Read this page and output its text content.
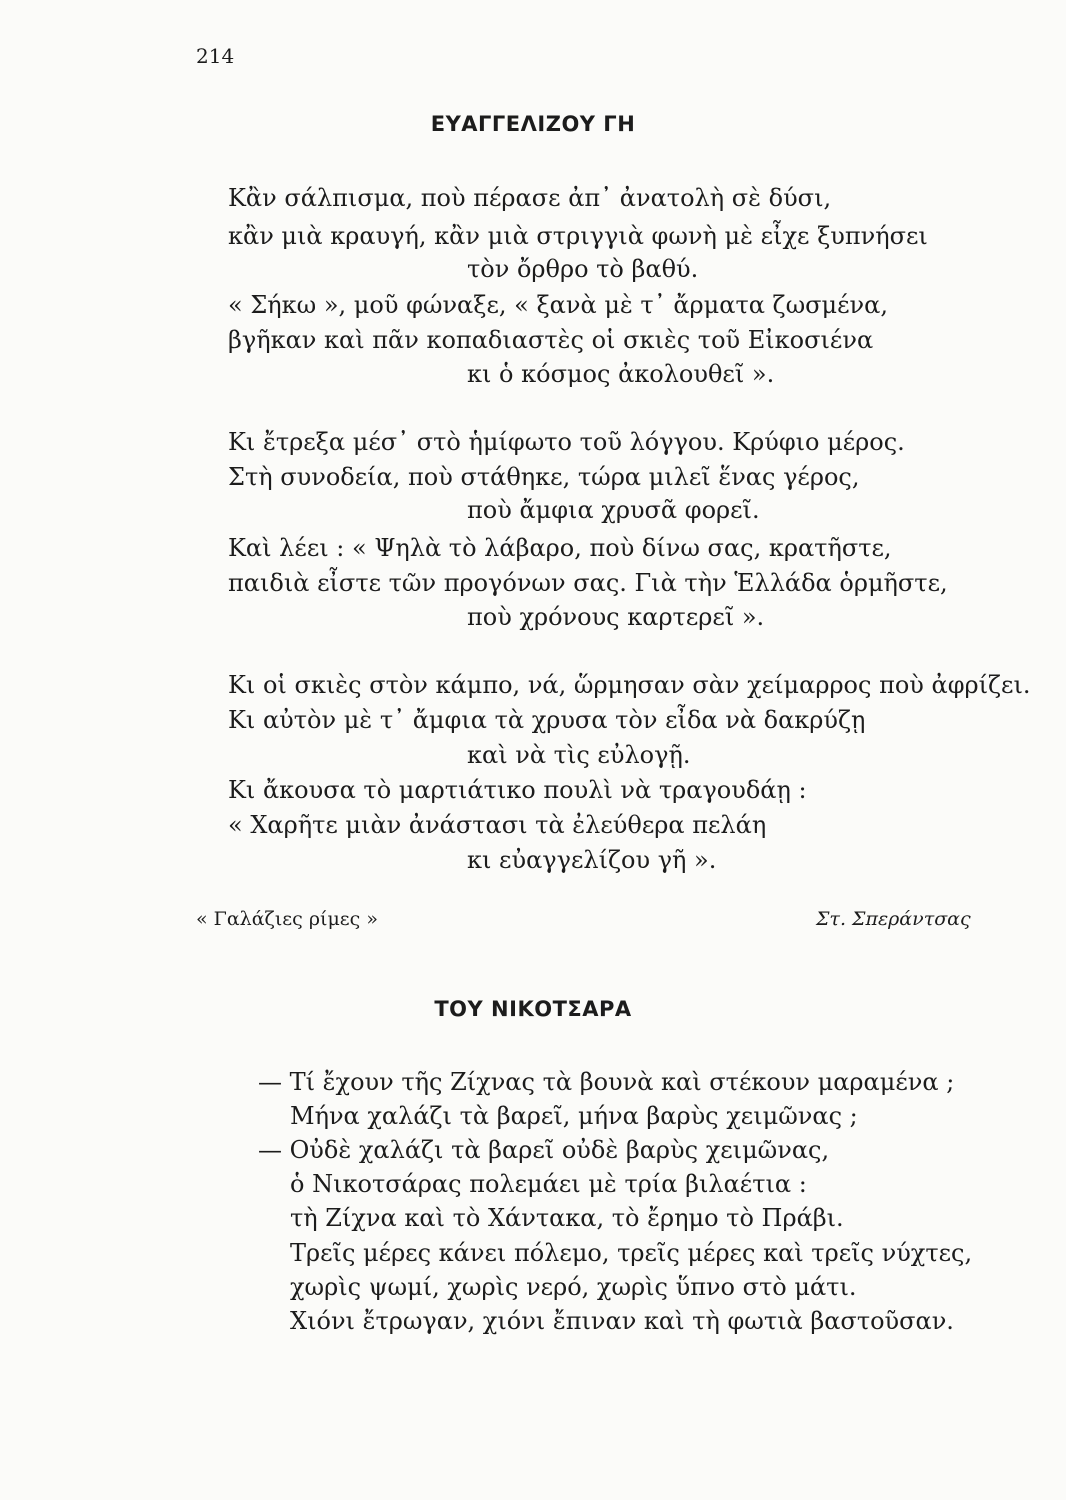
214
ΕΥΑΓΓΕΛΙΖΟΥ ΓΗ
Κἂν σάλπισμα, ποὺ πέρασε ἀπ᾿ ἀνατολὴ σὲ δύσι,
κἂν μιὰ κραυγή, κἂν μιὰ στριγγιὰ φωνὴ μὲ εἶχε ξυπνήσει
τὸν ὄρθρο τὸ βαθύ.
« Σήκω », μοῦ φώναξε, « ξανὰ μὲ τ᾿ ἄρματα ζωσμένα,
βγῆκαν καὶ πᾶν κοπαδιαστὲς οἱ σκιὲς τοῦ Εἰκοσιένα
κι ὁ κόσμος ἀκολουθεῖ ».
Κι ἔτρεξα μέσ᾿ στὸ ἡμίφωτο τοῦ λόγγου. Κρύφιο μέρος.
Στὴ συνοδεία, ποὺ στάθηκε, τώρα μιλεῖ ἕνας γέρος,
ποὺ ἄμφια χρυσᾶ φορεῖ.
Καὶ λέει : « Ψηλὰ τὸ λάβαρο, ποὺ δίνω σας, κρατῆστε,
παιδιὰ εἶστε τῶν προγόνων σας. Γιὰ τὴν Ἑλλάδα ὁρμῆστε,
ποὺ χρόνους καρτερεῖ ».
Κι οἱ σκιὲς στὸν κάμπο, νά, ὥρμησαν σὰν χείμαρρος ποὺ ἀφρίζει.
Κι αὐτὸν μὲ τ᾿ ἄμφια τὰ χρυσα τὸν εἶδα νὰ δακρύζῃ
καὶ νὰ τὶς εὐλογῇ.
Κι ἄκουσα τὸ μαρτιάτικο πουλὶ νὰ τραγουδάῃ :
« Χαρῆτε μιὰν ἀνάστασι τὰ ἐλεύθερα πελάη
κι εὐαγγελίζου γῆ ».
« Γαλάζιες ρίμες »	Στ. Σπεράντσας
ΤΟΥ ΝΙΚΟΤΣΑΡΑ
— Τί ἔχουν τῆς Ζίχνας τὰ βουνὰ καὶ στέκουν μαραμένα ;
Μήνα χαλάζι τὰ βαρεῖ, μήνα βαρὺς χειμῶνας ;
— Οὐδὲ χαλάζι τὰ βαρεῖ οὐδὲ βαρὺς χειμῶνας,
ὁ Νικοτσάρας πολεμάει μὲ τρία βιλαέτια :
τὴ Ζίχνα καὶ τὸ Χάντακα, τὸ ἔρημο τὸ Πράβι.
Τρεῖς μέρες κάνει πόλεμο, τρεῖς μέρες καὶ τρεῖς νύχτες,
χωρὶς ψωμί, χωρὶς νερό, χωρὶς ὕπνο στὸ μάτι.
Χιόνι ἔτρωγαν, χιόνι ἔπιναν καὶ τὴ φωτιὰ βαστοῦσαν.
